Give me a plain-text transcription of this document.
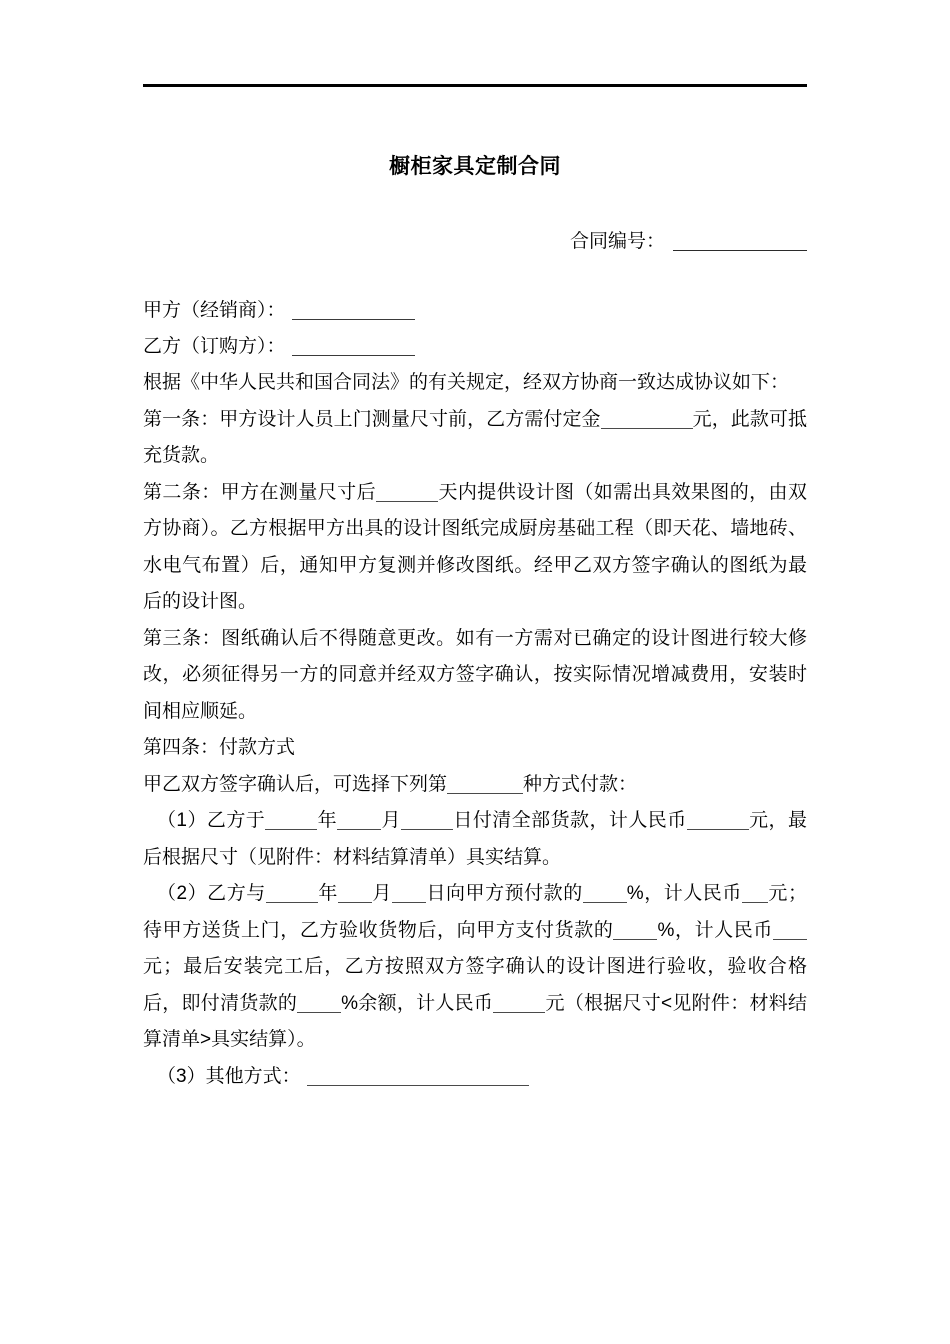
橱柜家具定制合同
合同编号：
甲方（经销商）：
乙方（订购方）：

根据《中华人民共和国合同法》的有关规定，经双方协商一致达成协议如下：

第一条：甲方设计人员上门测量尺寸前，乙方需付定金	元，此款可抵充货款。

第二条：甲方在测量尺寸后	天内提供设计图（如需出具效果图的，由双方协商）。乙方根据甲方出具的设计图纸完成厨房基础工程（即天花、墙地砖、水电气布置）后，通知甲方复测并修改图纸。经甲乙双方签字确认的图纸为最后的设计图。

第三条：图纸确认后不得随意更改。如有一方需对已确定的设计图进行较大修改，必须征得另一方的同意并经双方签字确认，按实际情况增减费用，安装时间相应顺延。

第四条：付款方式

甲乙双方签字确认后，可选择下列第	种方式付款：

（1）乙方于	年 月	日付清全部货款，计人民币	元，最后根据尺寸（见附件：材料结算清单）具实结算。

（2）乙方与	年 月 日向甲方预付款的 %，计人民币 元；待甲方送货上门，乙方验收货物后，向甲方支付货款的 %，计人民币元；最后安装完工后，乙方按照双方签字确认的设计图进行验收，验收合格后，即付清货款的 %余额，计人民币	元（根据尺寸<见附件：材料结算清单>具实结算）。

（3）其他方式：
